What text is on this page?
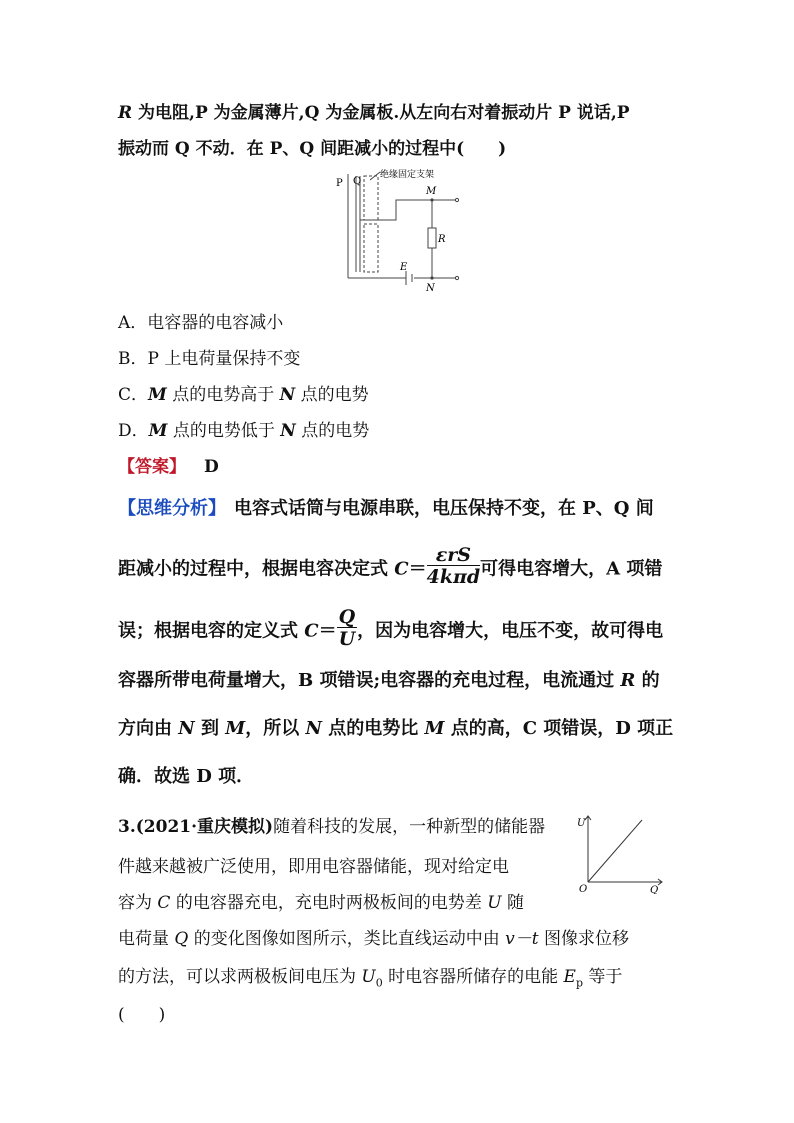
R 为电阻,P 为金属薄片,Q 为金属板.从左向右对着振动片 P 说话,P
振动而 Q 不动．在 P、Q 间距减小的过程中(　　)
P Q
绝缘固定支架
M
R
E
N
A．电容器的电容减小
B．P 上电荷量保持不变
C．M 点的电势高于 N 点的电势
D．M 点的电势低于 N 点的电势
【答案】 D
【思维分析】 电容式话筒与电源串联，电压保持不变，在 P、Q 间
距减小的过程中，根据电容决定式 $C= \frac{\text{εrS}}{\text{4kπd}}$ 可得电容增大，A 项错
误；根据电容的定义式 $C= \frac{Q}{U}$ ，因为电容增大，电压不变，故可得电
容器所带电荷量增大，B 项错误;电容器的充电过程，电流通过 R 的
方向由 N 到 M，所以 N 点的电势比 M 点的高，C 项错误，D 项正
确．故选 D 项．
3.(2021·重庆模拟)随着科技的发展，一种新型的储能器
件越来越被广泛使用，即用电容器储能，现对给定电
容为 C 的电容器充电，充电时两极板间的电势差 U 随
电荷量 Q 的变化图像如图所示，类比直线运动中由 v－t 图像求位移
的方法，可以求两极板间电压为 $U_0$ 时电容器所储存的电能 $E_p$ 等于
(　　)
U
Q
O
